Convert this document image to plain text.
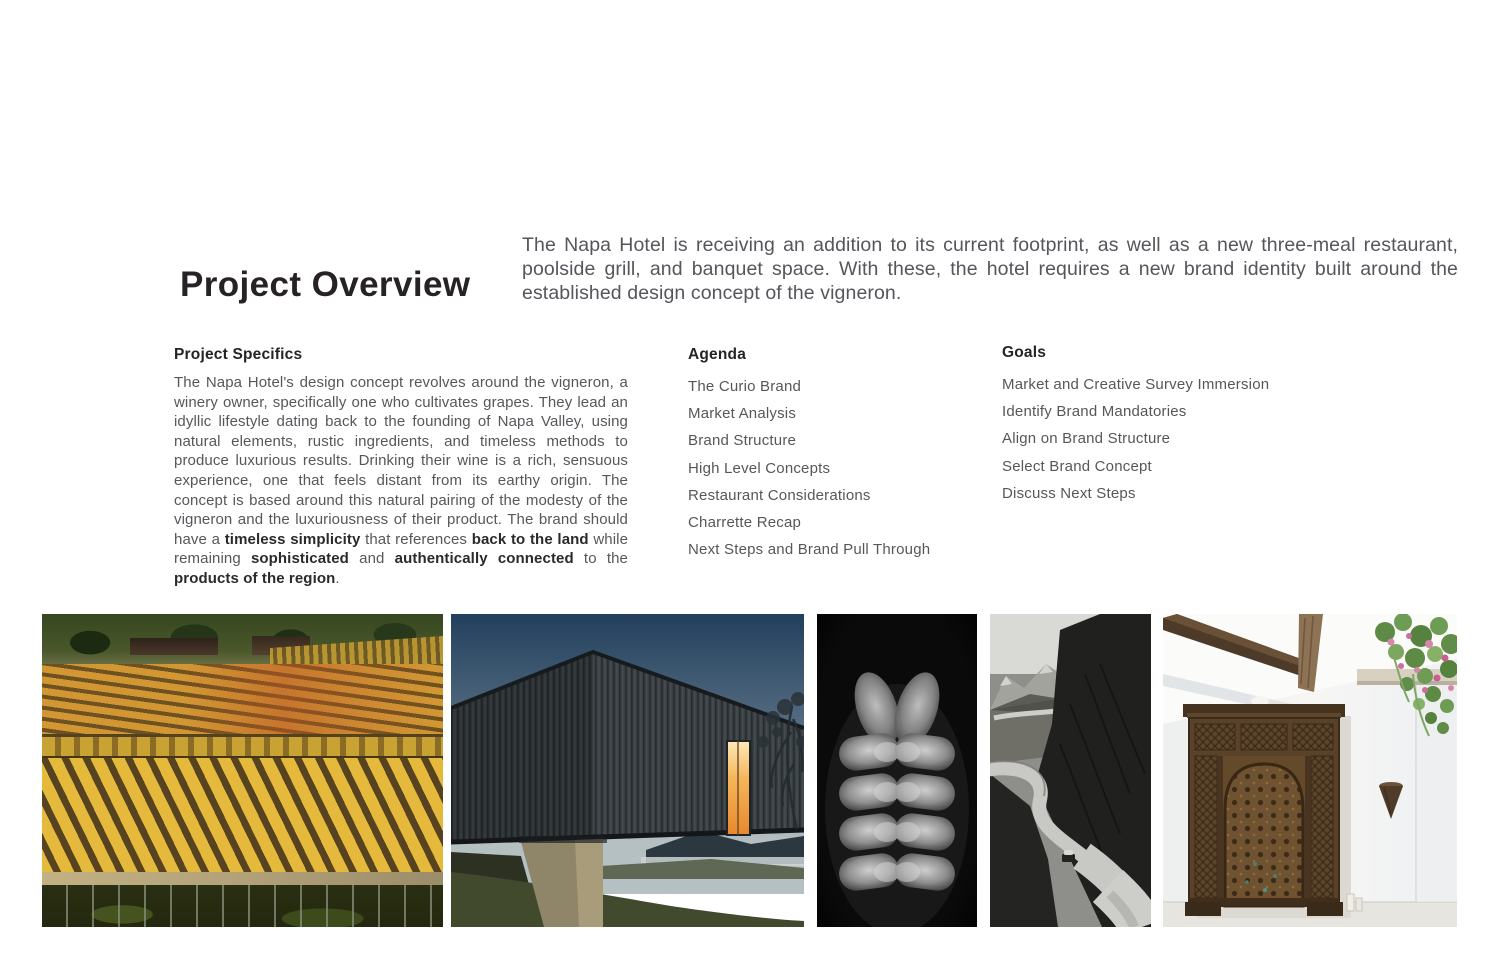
Project Overview

The Napa Hotel is receiving an addition to its current footprint, as well as a new three-meal restaurant, poolside grill, and banquet space. With these, the hotel requires a new brand identity built around the established design concept of the vigneron.

Project Specifics

The Napa Hotel's design concept revolves around the vigneron, a winery owner, specifically one who cultivates grapes. They lead an idyllic lifestyle dating back to the founding of Napa Valley, using natural elements, rustic ingredients, and timeless methods to produce luxurious results. Drinking their wine is a rich, sensuous experience, one that feels distant from its earthy origin. The concept is based around this natural pairing of the modesty of the vigneron and the luxuriousness of their product. The brand should have a timeless simplicity that references back to the land while remaining sophisticated and authentically connected to the products of the region.

Agenda
The Curio Brand
Market Analysis
Brand Structure
High Level Concepts
Restaurant Considerations
Charrette Recap
Next Steps and Brand Pull Through
Goals
Market and Creative Survey Immersion
Identify Brand Mandatories
Align on Brand Structure
Select Brand Concept
Discuss Next Steps
